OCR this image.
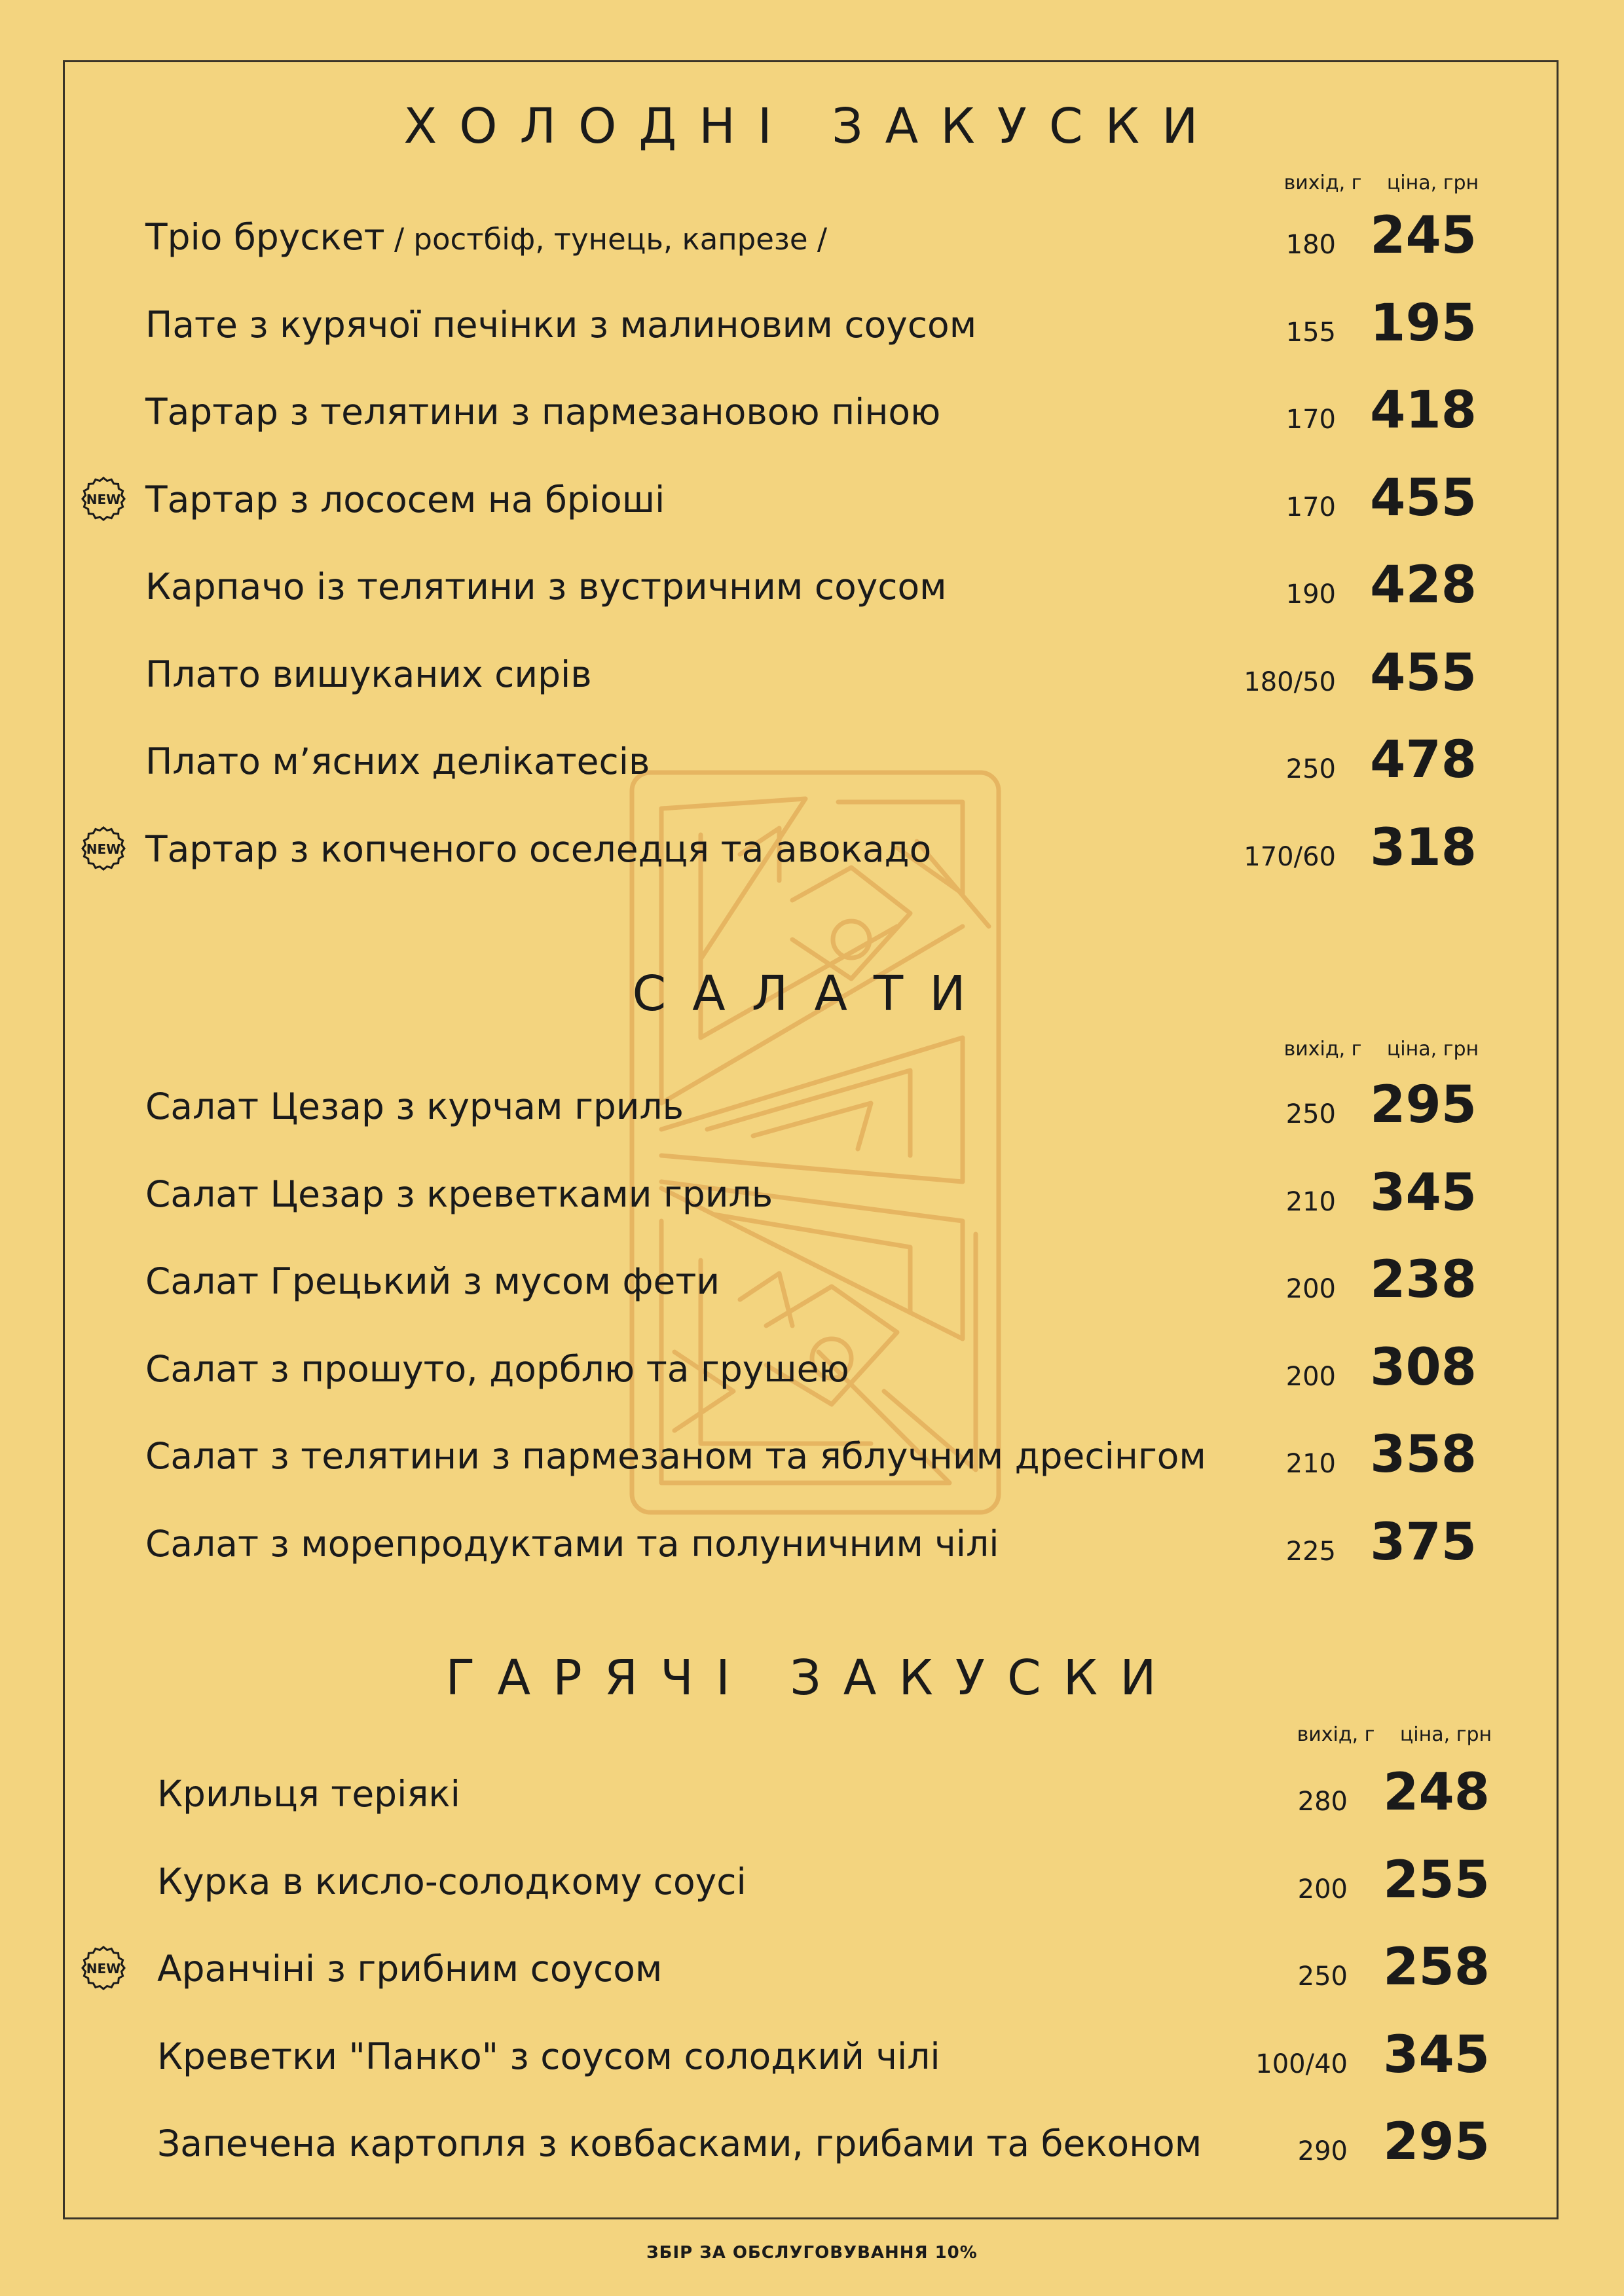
ХОЛОДНІ ЗАКУСКИ
вихід, г	ціна, грн
Тріо брускет / ростбіф, тунець, капрезе /	180 245
Пате з курячої печінки з малиновим соусом	155 195
Тартар з телятини з пармезановою піною	170 418
Тартар з лососем на бріоші	170 455
NEW
Карпачо із телятини з вустричним соусом	190 428
Плато вишуканих сирів	180/50 455
Плато м’ясних делікатесів	250 478
Тартар з копченого оселедця та авокадо	170/60 318
NEW
САЛАТИ
вихід, г	ціна, грн
Салат Цезар з курчам гриль	250 295
Салат Цезар з креветками гриль	210 345
Салат Грецький з мусом фети	200 238
Салат з прошуто, дорблю та грушею	200 308
Салат з телятини з пармезаном та яблучним дресінгом	210 358
Салат з морепродуктами та полуничним чілі	225 375
ГАРЯЧІ ЗАКУСКИ
вихід, г	ціна, грн
Крильця теріякі	280 248
Курка в кисло-солодкому соусі	200 255
Аранчіні з грибним соусом	250 258
NEW
Креветки "Панко" з соусом солодкий чілі	100/40 345
Запечена картопля з ковбасками, грибами та беконом	290 295
ЗБІР ЗА ОБСЛУГОВУВАННЯ 10%
